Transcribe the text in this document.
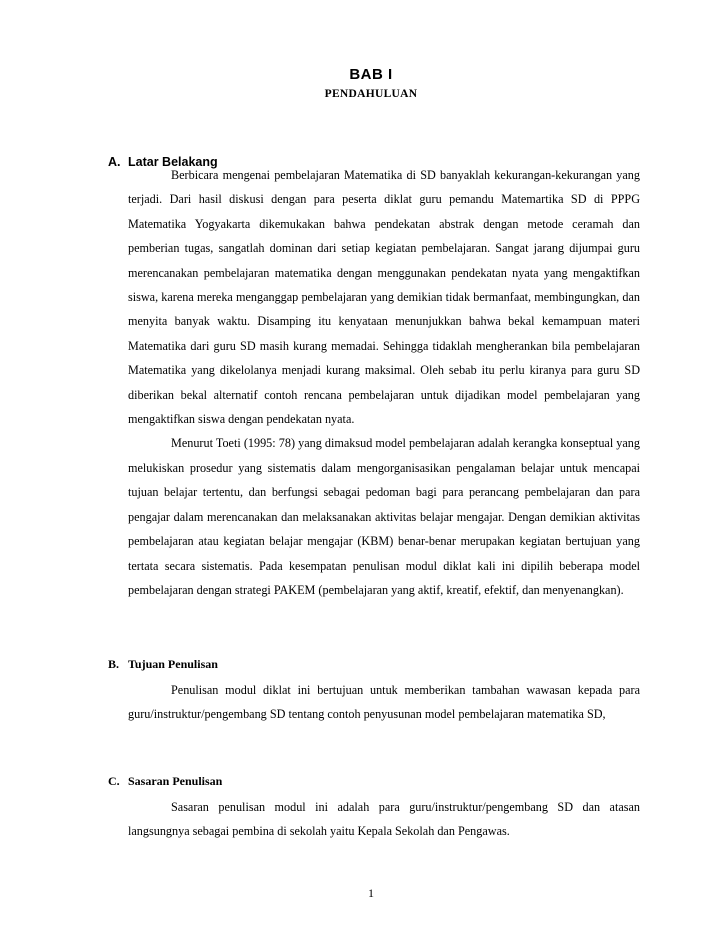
BAB I
PENDAHULUAN
A. Latar Belakang

Berbicara mengenai pembelajaran Matematika di SD banyaklah kekurangan-kekurangan yang terjadi. Dari hasil diskusi dengan para peserta diklat guru pemandu Matemartika SD di PPPG Matematika Yogyakarta dikemukakan bahwa pendekatan abstrak dengan metode ceramah dan pemberian tugas, sangatlah dominan dari setiap kegiatan pembelajaran. Sangat jarang dijumpai guru merencanakan pembelajaran matematika dengan menggunakan pendekatan nyata yang mengaktifkan siswa, karena mereka menganggap pembelajaran yang demikian tidak bermanfaat, membingungkan, dan menyita banyak waktu. Disamping itu kenyataan menunjukkan bahwa bekal kemampuan materi Matematika dari guru SD masih kurang memadai. Sehingga tidaklah mengherankan bila pembelajaran Matematika yang dikelolanya menjadi kurang maksimal. Oleh sebab itu perlu kiranya para guru SD diberikan bekal alternatif contoh rencana pembelajaran untuk dijadikan model pembelajaran yang mengaktifkan siswa dengan pendekatan nyata.

Menurut Toeti (1995: 78) yang dimaksud model pembelajaran adalah kerangka konseptual yang melukiskan prosedur yang sistematis dalam mengorganisasikan pengalaman belajar untuk mencapai tujuan belajar tertentu, dan berfungsi sebagai pedoman bagi para perancang pembelajaran dan para pengajar dalam merencanakan dan melaksanakan aktivitas belajar mengajar. Dengan demikian aktivitas pembelajaran atau kegiatan belajar mengajar (KBM) benar-benar merupakan kegiatan bertujuan yang tertata secara sistematis. Pada kesempatan penulisan modul diklat kali ini dipilih beberapa model pembelajaran dengan strategi PAKEM (pembelajaran yang aktif, kreatif, efektif, dan menyenangkan).

B. Tujuan Penulisan

Penulisan modul diklat ini bertujuan untuk memberikan tambahan wawasan kepada para guru/instruktur/pengembang SD tentang contoh penyusunan model pembelajaran matematika SD,

C. Sasaran Penulisan

Sasaran penulisan modul ini adalah para guru/instruktur/pengembang SD dan atasan langsungnya sebagai pembina di sekolah yaitu Kepala Sekolah dan Pengawas.

1
